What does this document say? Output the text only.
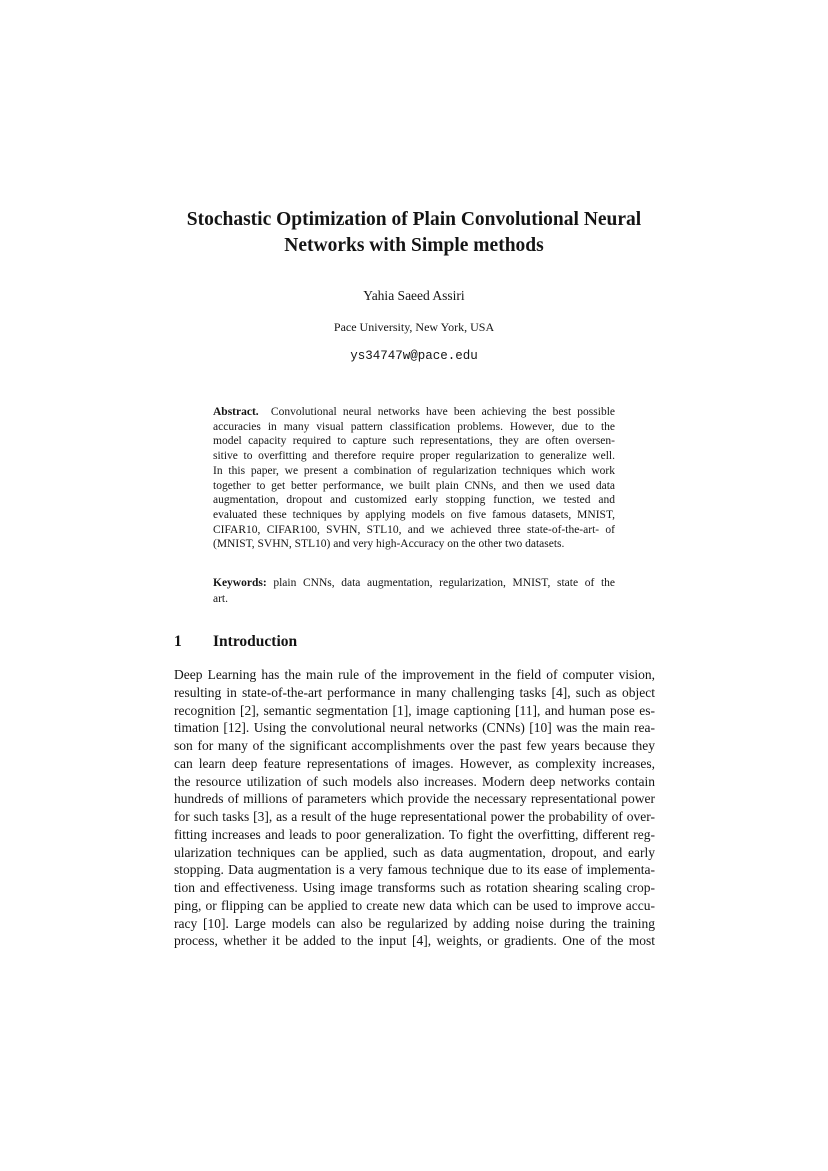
Stochastic Optimization of Plain Convolutional Neural
Networks with Simple methods
Yahia Saeed Assiri
Pace University, New York, USA
ys34747w@pace.edu
Abstract. Convolutional neural networks have been achieving the best possible
accuracies in many visual pattern classification problems. However, due to the
model capacity required to capture such representations, they are often oversen-
sitive to overfitting and therefore require proper regularization to generalize well.
In this paper, we present a combination of regularization techniques which work
together to get better performance, we built plain CNNs, and then we used data
augmentation, dropout and customized early stopping function, we tested and
evaluated these techniques by applying models on five famous datasets, MNIST,
CIFAR10, CIFAR100, SVHN, STL10, and we achieved three state-of-the-art- of
(MNIST, SVHN, STL10) and very high-Accuracy on the other two datasets.
Keywords: plain CNNs, data augmentation, regularization, MNIST, state of the
art.
1 Introduction
Deep Learning has the main rule of the improvement in the field of computer vision,
resulting in state-of-the-art performance in many challenging tasks [4], such as object
recognition [2], semantic segmentation [1], image captioning [11], and human pose es-
timation [12]. Using the convolutional neural networks (CNNs) [10] was the main rea-
son for many of the significant accomplishments over the past few years because they
can learn deep feature representations of images. However, as complexity increases,
the resource utilization of such models also increases. Modern deep networks contain
hundreds of millions of parameters which provide the necessary representational power
for such tasks [3], as a result of the huge representational power the probability of over-
fitting increases and leads to poor generalization. To fight the overfitting, different reg-
ularization techniques can be applied, such as data augmentation, dropout, and early
stopping. Data augmentation is a very famous technique due to its ease of implementa-
tion and effectiveness. Using image transforms such as rotation shearing scaling crop-
ping, or flipping can be applied to create new data which can be used to improve accu-
racy [10]. Large models can also be regularized by adding noise during the training
process, whether it be added to the input [4], weights, or gradients. One of the most
